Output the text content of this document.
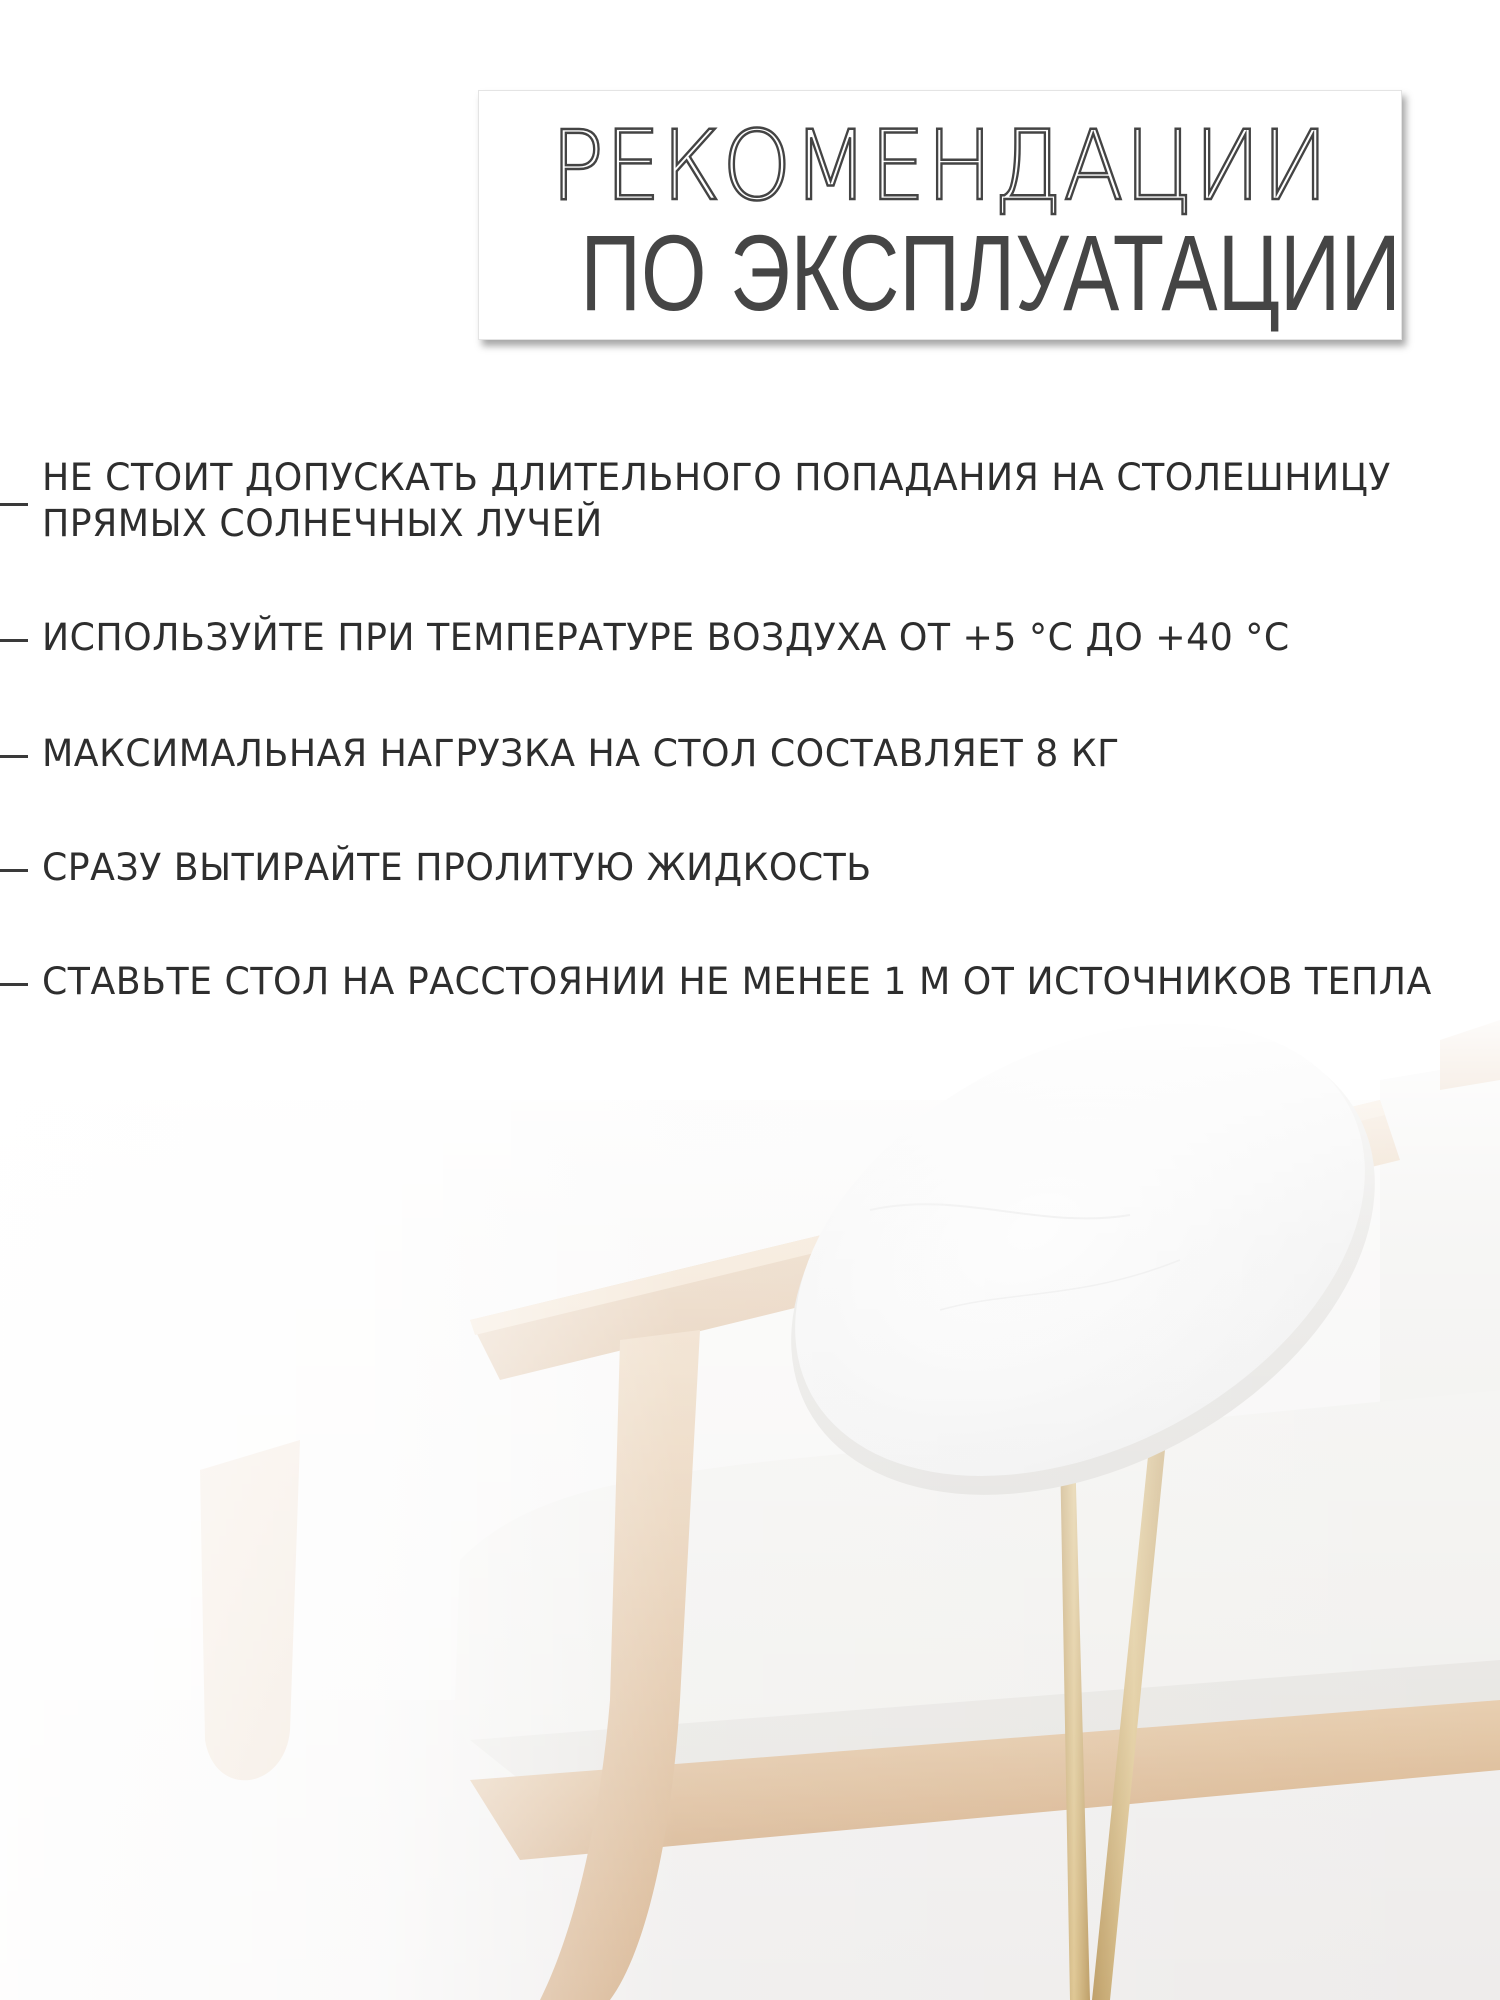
РЕКОМЕНДАЦИИ
ПО ЭКСПЛУАТАЦИИ
НЕ СТОИТ ДОПУСКАТЬ ДЛИТЕЛЬНОГО ПОПАДАНИЯ НА СТОЛЕШНИЦУ
ПРЯМЫХ СОЛНЕЧНЫХ ЛУЧЕЙ
ИСПОЛЬЗУЙТЕ ПРИ ТЕМПЕРАТУРЕ ВОЗДУХА ОТ +5 °С ДО +40 °С
МАКСИМАЛЬНАЯ НАГРУЗКА НА СТОЛ СОСТАВЛЯЕТ 8 КГ
СРАЗУ ВЫТИРАЙТЕ ПРОЛИТУЮ ЖИДКОСТЬ
СТАВЬТЕ СТОЛ НА РАССТОЯНИИ НЕ МЕНЕЕ 1 М ОТ ИСТОЧНИКОВ ТЕПЛА
